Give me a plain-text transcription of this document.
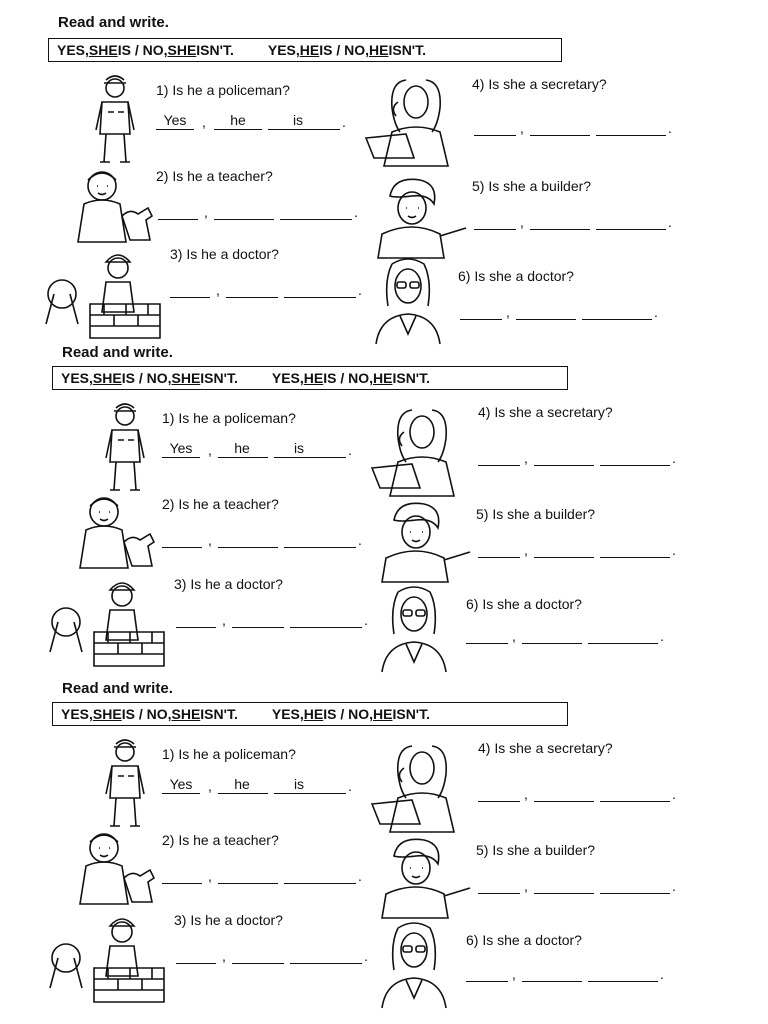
Read and write.
YES,SHEIS / NO,SHEISN'T. YES,HEIS / NO,HEISN'T.
1) Is he a policeman?
Yes	,	he	is	.
2) Is he a teacher?
,	.
3) Is he a doctor?
,	.
4) Is she a secretary?
,	.
5) Is she a builder?
,	.
6) Is she a doctor?
,	.
Read and write.
YES,SHEIS / NO,SHEISN'T. YES,HEIS / NO,HEISN'T.
1) Is he a policeman?
Yes	,	he	is	.
2) Is he a teacher?
,	.
3) Is he a doctor?
,	.
4) Is she a secretary?
,	.
5) Is she a builder?
,	.
6) Is she a doctor?
,	.
Read and write.
YES,SHEIS / NO,SHEISN'T. YES,HEIS / NO,HEISN'T.
1) Is he a policeman?
Yes	,	he	is	.
2) Is he a teacher?
,	.
3) Is he a doctor?
,	.
4) Is she a secretary?
,	.
5) Is she a builder?
,	.
6) Is she a doctor?
,	.
